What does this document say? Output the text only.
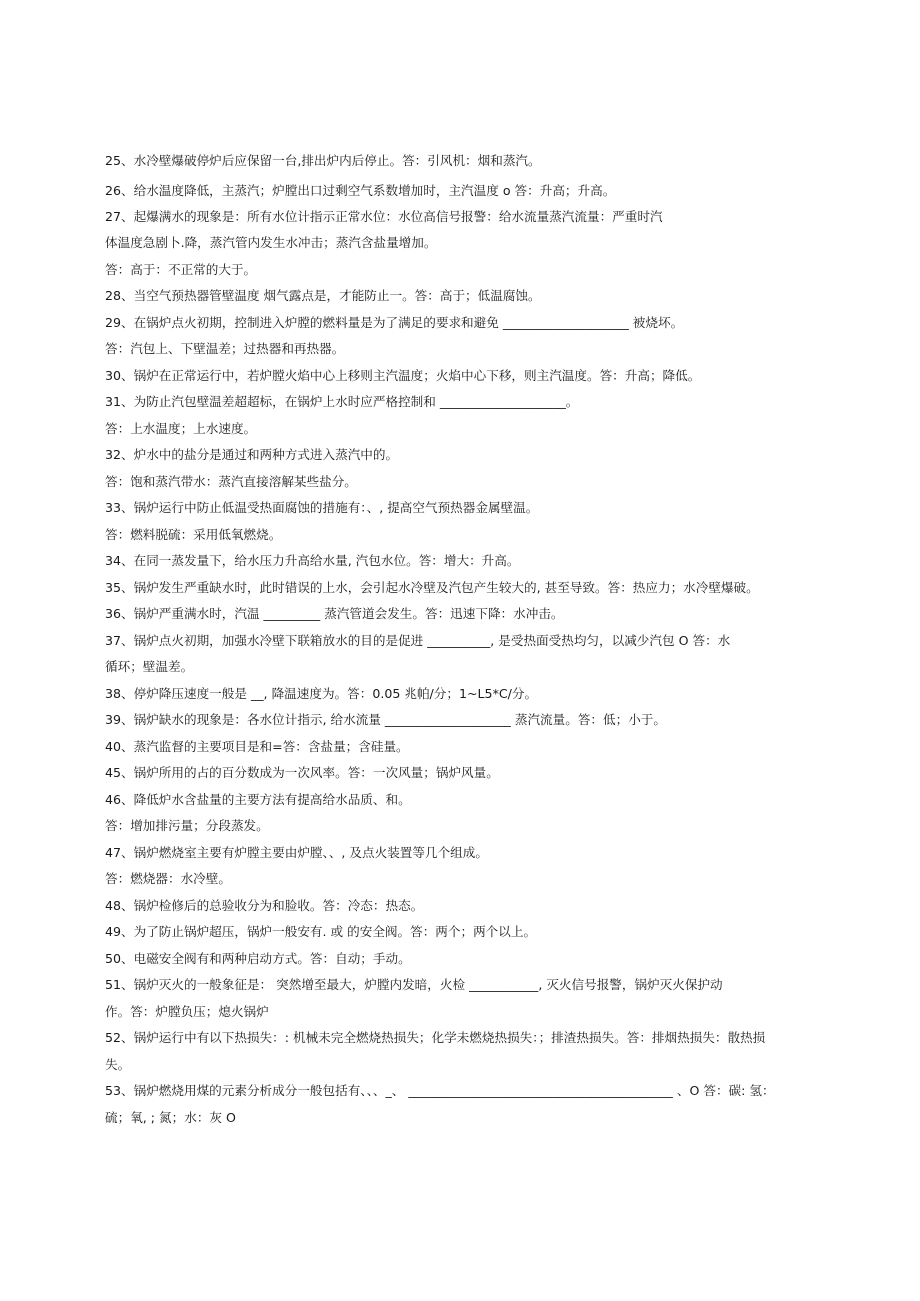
25、水冷壁爆破停炉后应保留一台,排出炉内后停止。答：引风机：烟和蒸汽。
26、给水温度降低，主蒸汽；炉膛出口过剩空气系数增加时，主汽温度 o 答：升高；升高。
27、起爆满水的现象是：所有水位计指示正常水位：水位高信号报警：给水流量蒸汽流量：严重时汽
体温度急剧卜.降，蒸汽管内发生水冲击；蒸汽含盐量增加。
答：高于：不正常的大于。
28、当空气预热器管壁温度 烟气露点是，才能防止一。答：高于；低温腐蚀。
29、在锅炉点火初期，控制进入炉膛的燃料量是为了满足的要求和避免 ____________________ 被烧坏。
答：汽包上、下壁温差；过热器和再热器。
30、锅炉在正常运行中，若炉膛火焰中心上移则主汽温度；火焰中心下移，则主汽温度。答：升高；降低。
31、为防止汽包壁温差超超标，在锅炉上水时应严格控制和 ____________________。
答：上水温度；上水速度。
32、炉水中的盐分是通过和两种方式进入蒸汽中的。
答：饱和蒸汽带水：蒸汽直接溶解某些盐分。
33、锅炉运行中防止低温受热面腐蚀的措施有：、, 提高空气预热器金属壁温。
答：燃料脱硫：采用低氧燃烧。
34、在同一蒸发量下，给水压力升高给水量, 汽包水位。答：增大：升高。
35、锅炉发生严重缺水时，此时错误的上水，会引起水冷壁及汽包产生较大的, 甚至导致。答：热应力；水冷壁爆破。
36、锅炉严重满水时，汽温 _________ 蒸汽管道会发生。答：迅速下降：水冲击。
37、锅炉点火初期，加强水冷壁下联箱放水的目的是促进 __________, 是受热面受热均匀，以减少汽包 O 答：水
循环；壁温差。
38、停炉降压速度一般是 __, 降温速度为。答：0.05 兆帕/分；1~L5*C/分。
39、锅炉缺水的现象是：各水位计指示, 给水流量 ____________________ 蒸汽流量。答：低；小于。
40、蒸汽监督的主要项目是和=答：含盐量；含硅量。
45、锅炉所用的占的百分数成为一次风率。答：一次风量；锅炉风量。
46、降低炉水含盐量的主要方法有提高给水品质、和。
答：增加排污量；分段蒸发。
47、锅炉燃烧室主要有炉膛主要由炉膛、、, 及点火装置等几个组成。
答：燃烧器：水冷壁。
48、锅炉检修后的总验收分为和脸收。答：冷态：热态。
49、为了防止锅炉超压，锅炉一般安有. 或 的安全阀。答：两个；两个以上。
50、电磁安全阀有和两种启动方式。答：自动；手动。
51、锅炉灭火的一般象征是： 突然增至最大，炉膛内发暗，火检 ___________, 灭火信号报警，锅炉灭火保护动
作。答：炉膛负压；熄火锅炉
52、锅炉运行中有以下热损失：: 机械未完全燃烧热损失；化学未燃烧热损失：；排渣热损失。答：排烟热损失：散热损
失。
53、锅炉燃烧用煤的元素分析成分一般包括有、、、_、 __________________________________________ 、O 答：碳: 氢：
硫；氧, ; 氮；水：灰 O
